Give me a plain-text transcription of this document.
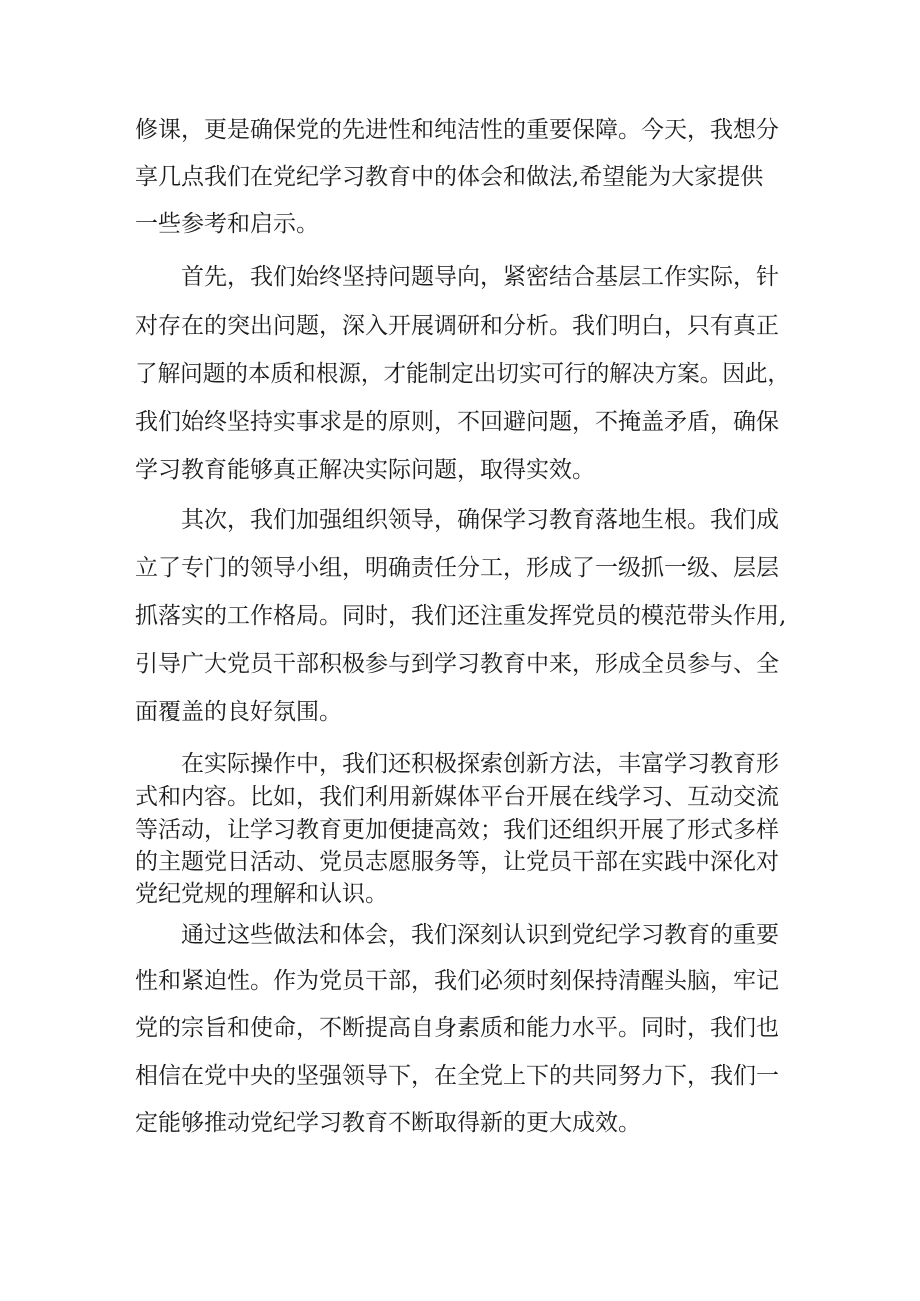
修课，更是确保党的先进性和纯洁性的重要保障。今天，我想分
享几点我们在党纪学习教育中的体会和做法,希望能为大家提供
一些参考和启示。
首先，我们始终坚持问题导向，紧密结合基层工作实际，针
对存在的突出问题，深入开展调研和分析。我们明白，只有真正
了解问题的本质和根源，才能制定出切实可行的解决方案。因此，
我们始终坚持实事求是的原则，不回避问题，不掩盖矛盾，确保
学习教育能够真正解决实际问题，取得实效。
其次，我们加强组织领导，确保学习教育落地生根。我们成
立了专门的领导小组，明确责任分工，形成了一级抓一级、层层
抓落实的工作格局。同时，我们还注重发挥党员的模范带头作用,
引导广大党员干部积极参与到学习教育中来，形成全员参与、全
面覆盖的良好氛围。
在实际操作中，我们还积极探索创新方法，丰富学习教育形
式和内容。比如，我们利用新媒体平台开展在线学习、互动交流
等活动，让学习教育更加便捷高效；我们还组织开展了形式多样
的主题党日活动、党员志愿服务等，让党员干部在实践中深化对
党纪党规的理解和认识。
通过这些做法和体会，我们深刻认识到党纪学习教育的重要
性和紧迫性。作为党员干部，我们必须时刻保持清醒头脑，牢记
党的宗旨和使命，不断提高自身素质和能力水平。同时，我们也
相信在党中央的坚强领导下，在全党上下的共同努力下，我们一
定能够推动党纪学习教育不断取得新的更大成效。
